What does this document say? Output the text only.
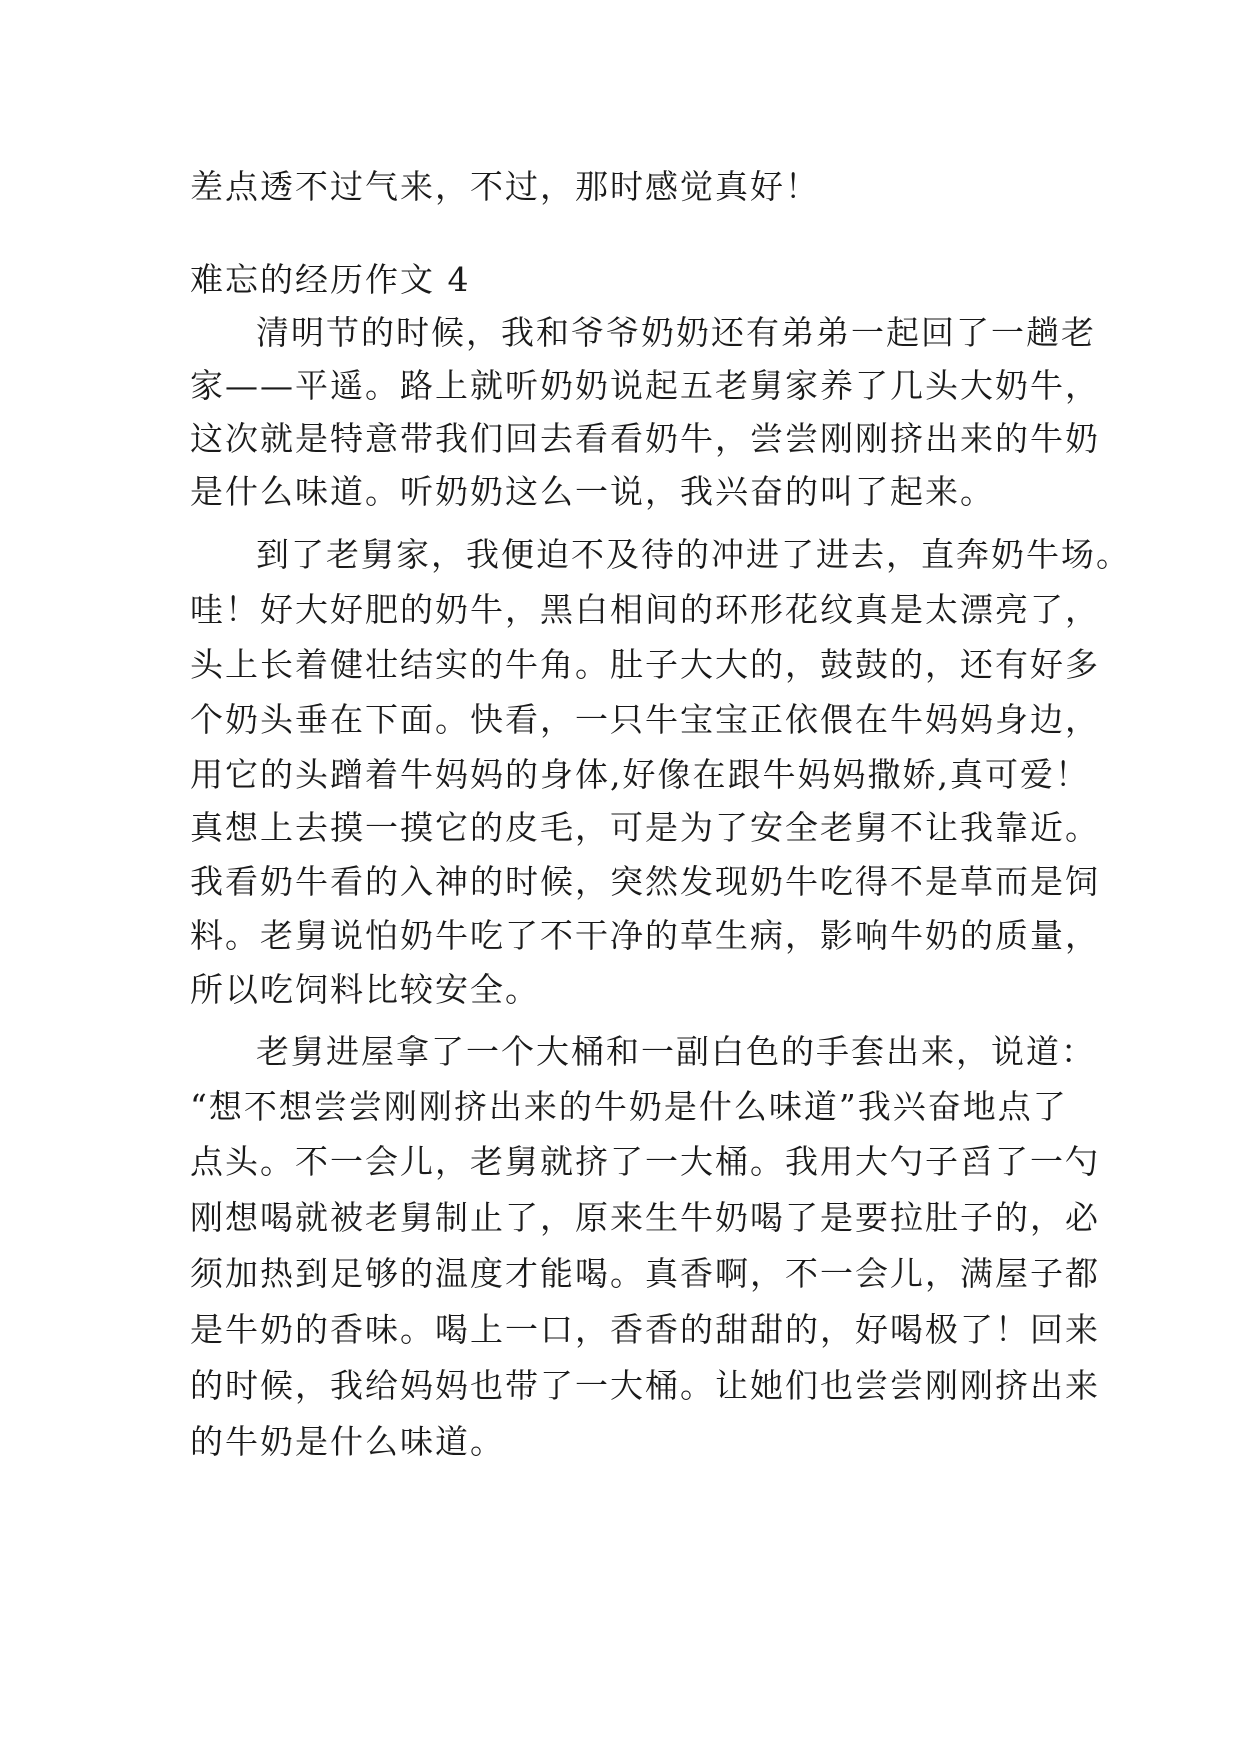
差点透不过气来，不过，那时感觉真好！
难忘的经历作文 4
清明节的时候，我和爷爷奶奶还有弟弟一起回了一趟老
家——平遥。路上就听奶奶说起五老舅家养了几头大奶牛，
这次就是特意带我们回去看看奶牛，尝尝刚刚挤出来的牛奶
是什么味道。听奶奶这么一说，我兴奋的叫了起来。
到了老舅家，我便迫不及待的冲进了进去，直奔奶牛场。
哇！好大好肥的奶牛，黑白相间的环形花纹真是太漂亮了，
头上长着健壮结实的牛角。肚子大大的，鼓鼓的，还有好多
个奶头垂在下面。快看，一只牛宝宝正依偎在牛妈妈身边，
用它的头蹭着牛妈妈的身体,好像在跟牛妈妈撒娇,真可爱！
真想上去摸一摸它的皮毛，可是为了安全老舅不让我靠近。
我看奶牛看的入神的时候，突然发现奶牛吃得不是草而是饲
料。老舅说怕奶牛吃了不干净的草生病，影响牛奶的质量，
所以吃饲料比较安全。
老舅进屋拿了一个大桶和一副白色的手套出来，说道：
“想不想尝尝刚刚挤出来的牛奶是什么味道”我兴奋地点了
点头。不一会儿，老舅就挤了一大桶。我用大勺子舀了一勺
刚想喝就被老舅制止了，原来生牛奶喝了是要拉肚子的，必
须加热到足够的温度才能喝。真香啊，不一会儿，满屋子都
是牛奶的香味。喝上一口，香香的甜甜的，好喝极了！回来
的时候，我给妈妈也带了一大桶。让她们也尝尝刚刚挤出来
的牛奶是什么味道。
